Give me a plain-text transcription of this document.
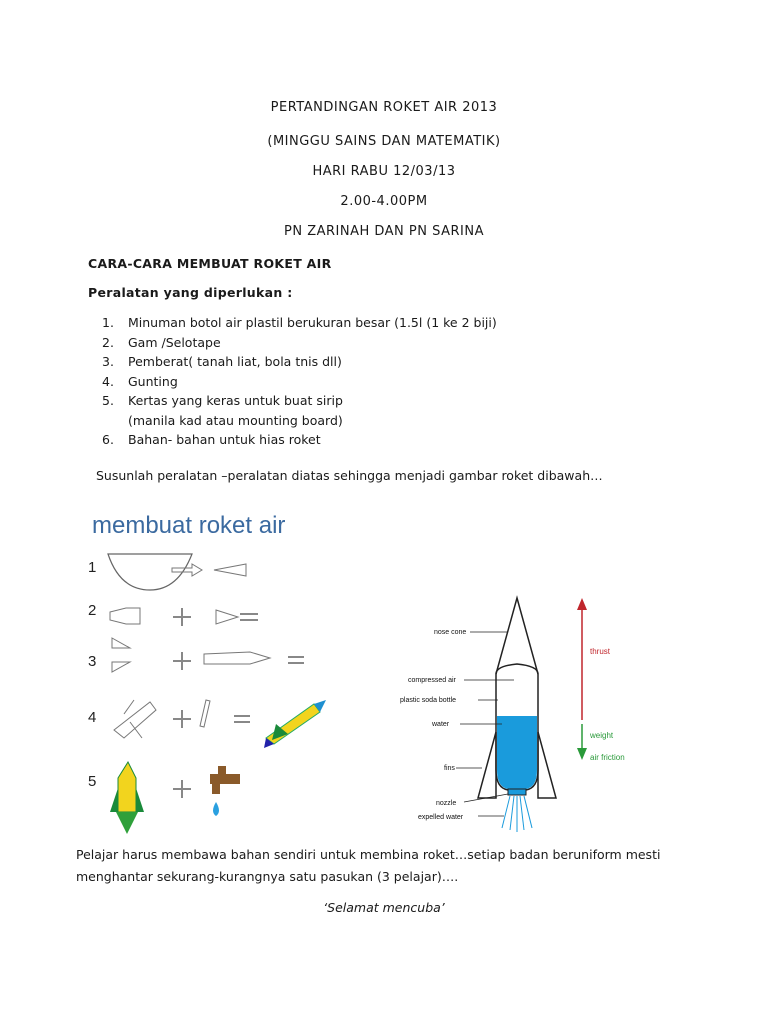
PERTANDINGAN ROKET AIR 2013
(MINGGU SAINS DAN MATEMATIK)
HARI RABU 12/03/13
2.00-4.00PM
PN ZARINAH DAN PN SARINA
CARA-CARA MEMBUAT ROKET AIR
Peralatan yang diperlukan :
1.	Minuman botol air plastil berukuran besar (1.5l (1 ke 2 biji)
2.	Gam /Selotape
3.	Pemberat( tanah liat, bola tnis dll)
4.	Gunting
5.	Kertas yang keras untuk buat sirip
(manila kad atau mounting board)
6.	Bahan- bahan untuk hias roket
Susunlah peralatan –peralatan diatas sehingga menjadi gambar roket dibawah…
membuat roket air
1
2
3
4
5
nose cone
compressed air
plastic soda bottle
water
fins
nozzle
expelled water
thrust
weight
air friction
Pelajar harus membawa bahan sendiri untuk membina roket…setiap badan beruniform mesti
menghantar sekurang-kurangnya satu pasukan (3 pelajar)….
‘Selamat mencuba’
